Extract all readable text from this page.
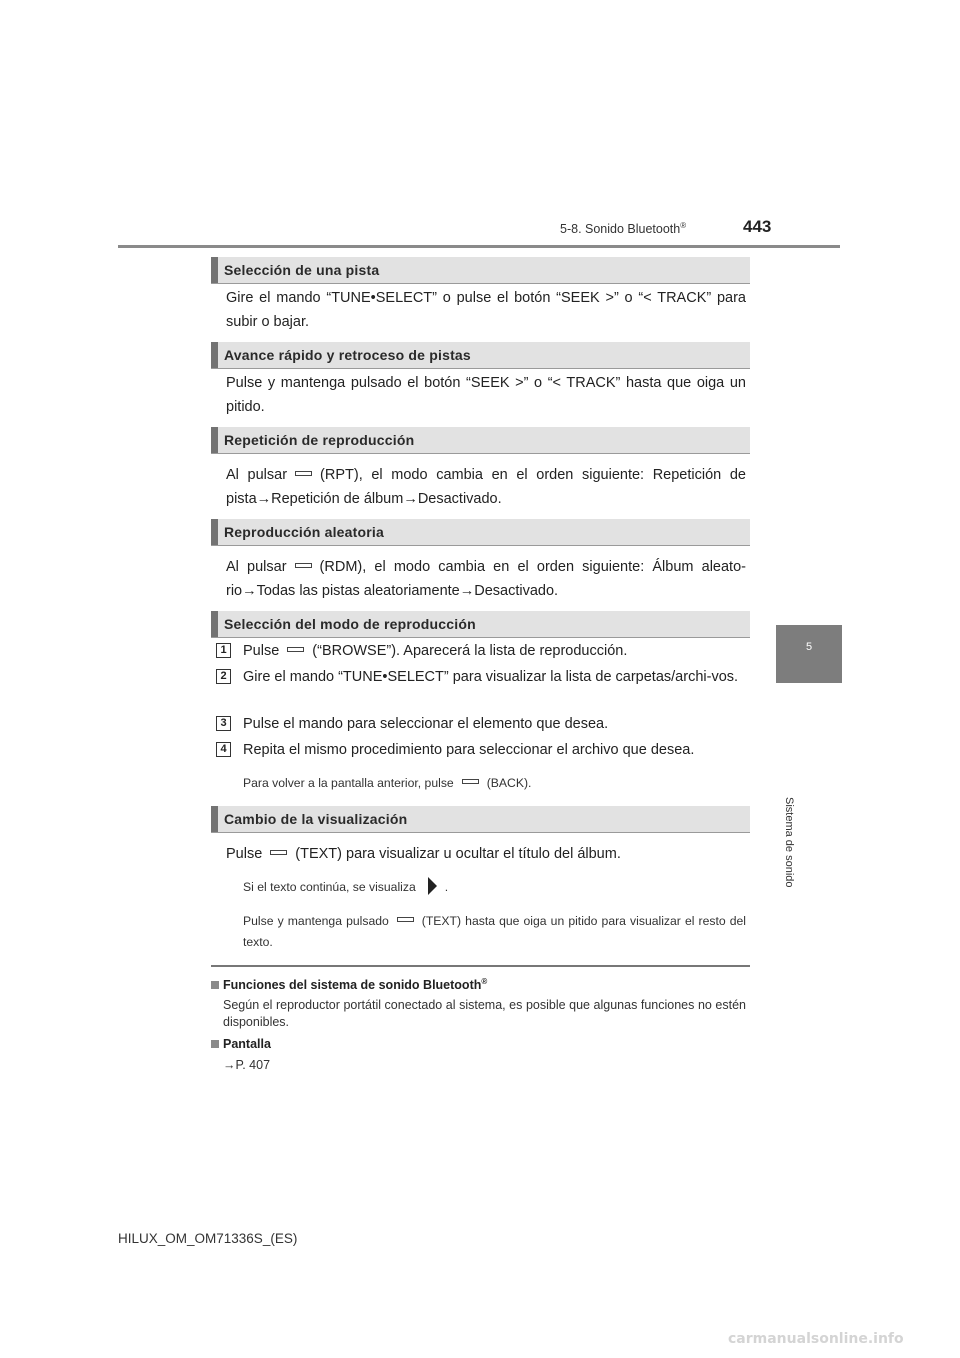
5-8. Sonido Bluetooth®	443
5
Sistema de sonido
Selección de una pista
Gire el mando “TUNE•SELECT” o pulse el botón “SEEK >” o “< TRACK” para subir o bajar.
Avance rápido y retroceso de pistas
Pulse y mantenga pulsado el botón “SEEK >” o “< TRACK” hasta que oiga un pitido.
Repetición de reproducción
Al pulsar (RPT), el modo cambia en el orden siguiente: Repetición de pista→Repetición de álbum→Desactivado.
Reproducción aleatoria
Al pulsar (RDM), el modo cambia en el orden siguiente: Álbum aleato-rio→Todas las pistas aleatoriamente→Desactivado.
Selección del modo de reproducción
1	Pulse (“BROWSE”). Aparecerá la lista de reproducción.
2	Gire el mando “TUNE•SELECT” para visualizar la lista de carpetas/archi-vos.
3	Pulse el mando para seleccionar el elemento que desea.
4	Repita el mismo procedimiento para seleccionar el archivo que desea.
Para volver a la pantalla anterior, pulse	(BACK).
Cambio de la visualización
Pulse (TEXT) para visualizar u ocultar el título del álbum.
Si el texto continúa, se visualiza .
Pulse y mantenga pulsado	(TEXT) hasta que oiga un pitido para visualizar el resto del texto.
Funciones del sistema de sonido Bluetooth®
Según el reproductor portátil conectado al sistema, es posible que algunas funciones no estén disponibles.
Pantalla
→P. 407
HILUX_OM_OM71336S_(ES)
carmanualsonline.info
